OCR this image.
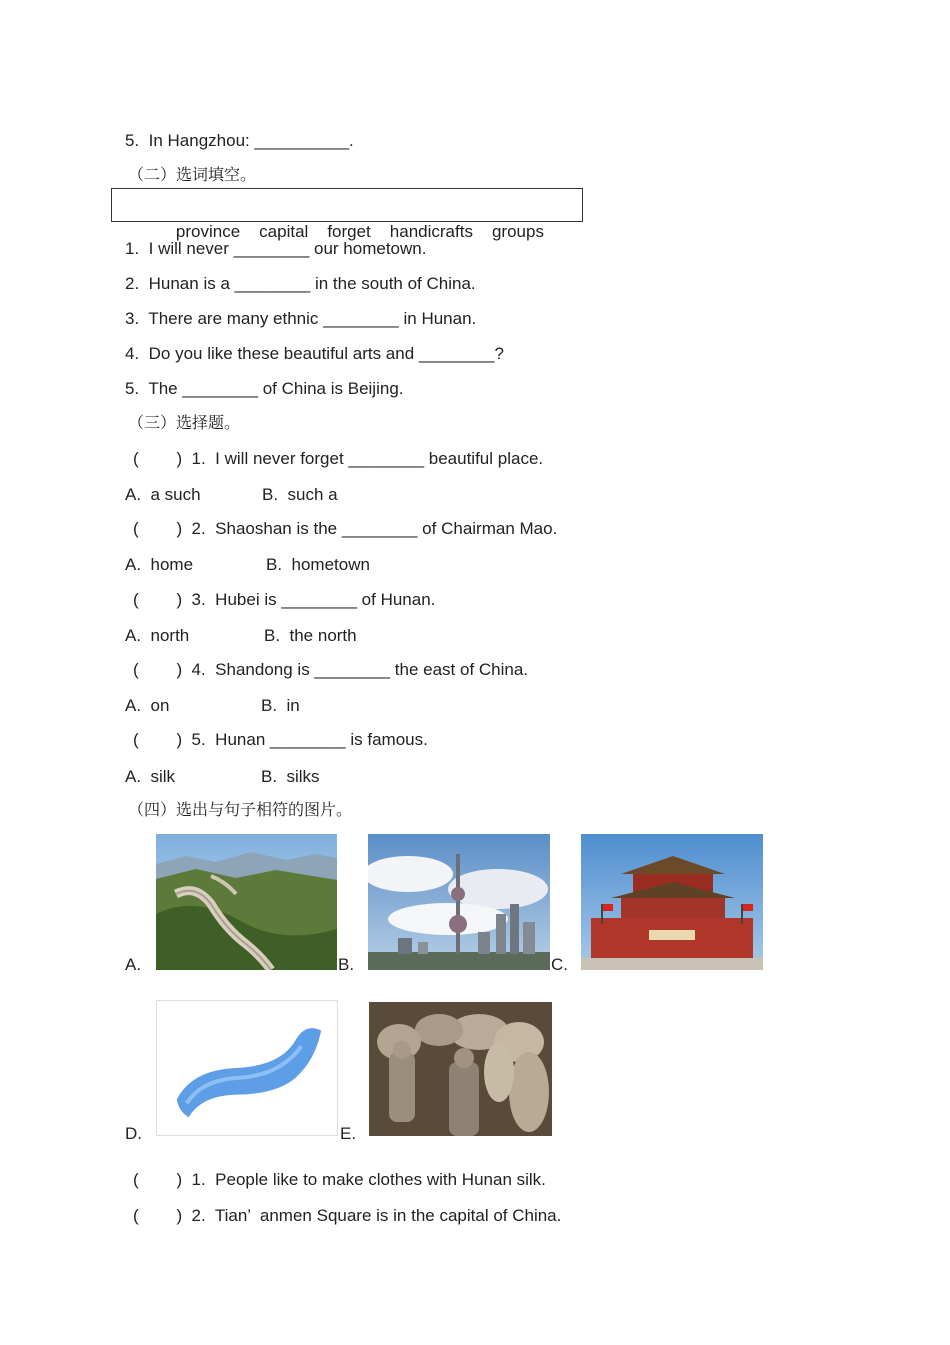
5.  In Hangzhou: __________.
（二）选词填空。

province capital forget handicrafts groups

1.  I will never ________ our hometown.
2.  Hunan is a ________ in the south of China.
3.  There are many ethnic ________ in Hunan.
4.  Do you like these beautiful arts and ________?
5.  The ________ of China is Beijing.
（三）选择题。
(        )  1.  I will never forget ________ beautiful place.
A.  a such	B.  such a
(        )  2.  Shaoshan is the ________ of Chairman Mao.
A.  home	B.  hometown
(        )  3.  Hubei is ________ of Hunan.
A.  north	B.  the north
(        )  4.  Shandong is ________ the east of China.
A.  on	B.  in
(        )  5.  Hunan ________ is famous.
A.  silk	B.  silks
（四）选出与句子相符的图片。
A.	B.	C.
D.	E.
(        )  1.  People like to make clothes with Hunan silk.
(        )  2.  Tian’  anmen Square is in the capital of China.
